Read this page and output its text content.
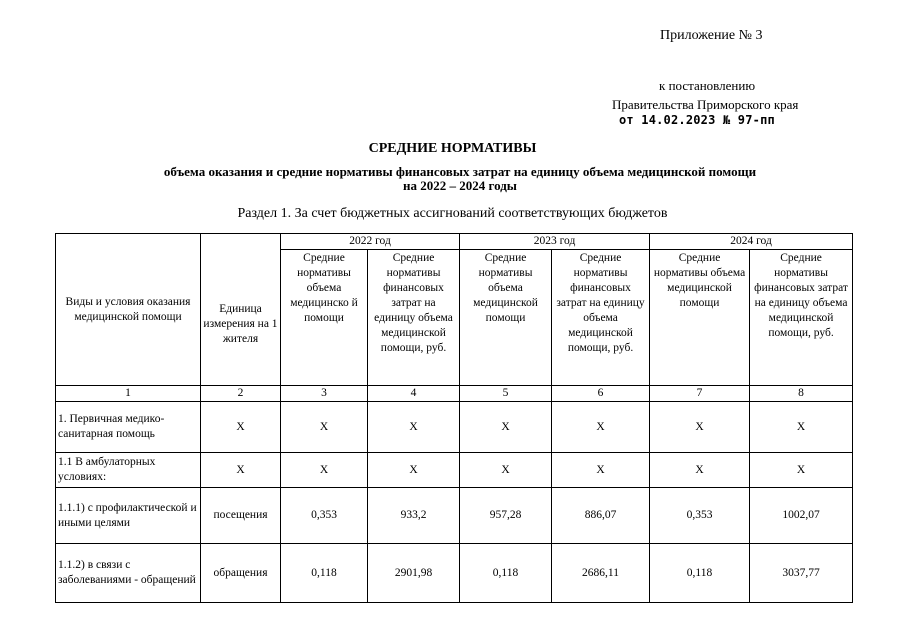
Приложение № 3
к постановлению
Правительства Приморского края
от 14.02.2023 № 97-пп
СРЕДНИЕ НОРМАТИВЫ
объема оказания и средние нормативы финансовых затрат на единицу объема медицинской помощи
на 2022 – 2024 годы
Раздел 1. За счет бюджетных ассигнований соответствующих бюджетов
Виды и условия оказания медицинской помощи	Единица измерения на 1 жителя	2022 год		2023 год		2024 год	
		Средние нормативы объема медицинско й помощи	Средние нормативы финансовых затрат на единицу объема медицинской помощи, руб.	Средние нормативы объема медицинской помощи	Средние нормативы финансовых затрат на единицу объема медицинской помощи, руб.	Средние нормативы объема медицинской помощи	Средние нормативы финансовых затрат на единицу объема медицинской помощи, руб.
1	2	3	4	5	6	7	8
1. Первичная медико-санитарная помощь	Х	Х	Х	Х	Х	Х	Х
1.1 В амбулаторных условиях:	Х	Х	Х	Х	Х	Х	Х
1.1.1) с профилактической и иными целями	посещения	0,353	933,2	957,28	886,07	0,353	1002,07
1.1.2) в связи с заболеваниями - обращений	обращения	0,118	2901,98	0,118	2686,11	0,118	3037,77
